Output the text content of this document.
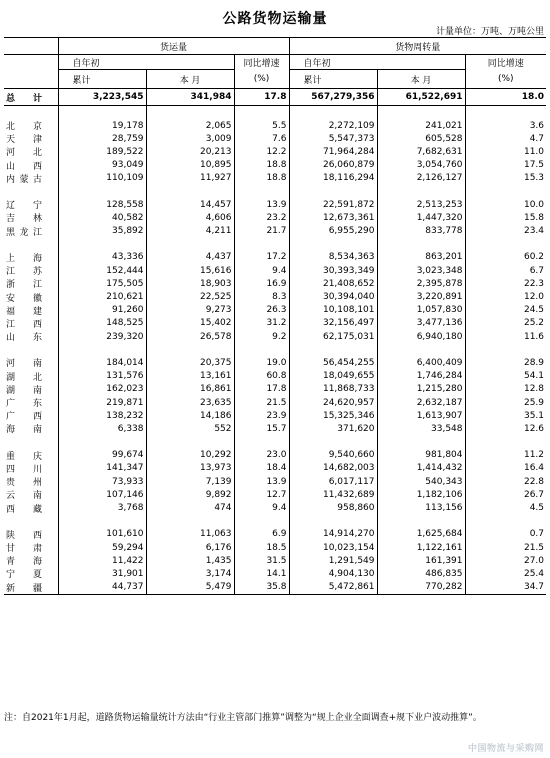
公路货物运输量
计量单位：万吨、万吨公里
	货运量			货物周转量		
	自年初		同比增速	自年初		同比增速
	累计	本 月	(%)	累计	本 月	(%)
总 计	3,223,545	341,984	17.8	567,279,356	61,522,691	18.0

北 京	19,178	2,065	5.5	2,272,109	241,021	3.6
天 津	28,759	3,009	7.6	5,547,373	605,528	4.7
河 北	189,522	20,213	12.2	71,964,284	7,682,631	11.0
山 西	93,049	10,895	18.8	26,060,879	3,054,760	17.5
内蒙古	110,109	11,927	18.8	18,116,294	2,126,127	15.3

辽 宁	128,558	14,457	13.9	22,591,872	2,513,253	10.0
吉 林	40,582	4,606	23.2	12,673,361	1,447,320	15.8
黑龙江	35,892	4,211	21.7	6,955,290	833,778	23.4

上 海	43,336	4,437	17.2	8,534,363	863,201	60.2
江 苏	152,444	15,616	9.4	30,393,349	3,023,348	6.7
浙 江	175,505	18,903	16.9	21,408,652	2,395,878	22.3
安 徽	210,621	22,525	8.3	30,394,040	3,220,891	12.0
福 建	91,260	9,273	26.3	10,108,101	1,057,830	24.5
江 西	148,525	15,402	31.2	32,156,497	3,477,136	25.2
山 东	239,320	26,578	9.2	62,175,031	6,940,180	11.6

河 南	184,014	20,375	19.0	56,454,255	6,400,409	28.9
湖 北	131,576	13,161	60.8	18,049,655	1,746,284	54.1
湖 南	162,023	16,861	17.8	11,868,733	1,215,280	12.8
广 东	219,871	23,635	21.5	24,620,957	2,632,187	25.9
广 西	138,232	14,186	23.9	15,325,346	1,613,907	35.1
海 南	6,338	552	15.7	371,620	33,548	12.6

重 庆	99,674	10,292	23.0	9,540,660	981,804	11.2
四 川	141,347	13,973	18.4	14,682,003	1,414,432	16.4
贵 州	73,933	7,139	13.9	6,017,117	540,343	22.8
云 南	107,146	9,892	12.7	11,432,689	1,182,106	26.7
西 藏	3,768	474	9.4	958,860	113,156	4.5

陕 西	101,610	11,063	6.9	14,914,270	1,625,684	0.7
甘 肃	59,294	6,176	18.5	10,023,154	1,122,161	21.5
青 海	11,422	1,435	31.5	1,291,549	161,391	27.0
宁 夏	31,901	3,174	14.1	4,904,130	486,835	25.4
新 疆	44,737	5,479	35.8	5,472,861	770,282	34.7
注：自2021年1月起，道路货物运输量统计方法由“行业主管部门推算”调整为“规上企业全面调查+规下业户波动推算”。
中国物流与采购网
